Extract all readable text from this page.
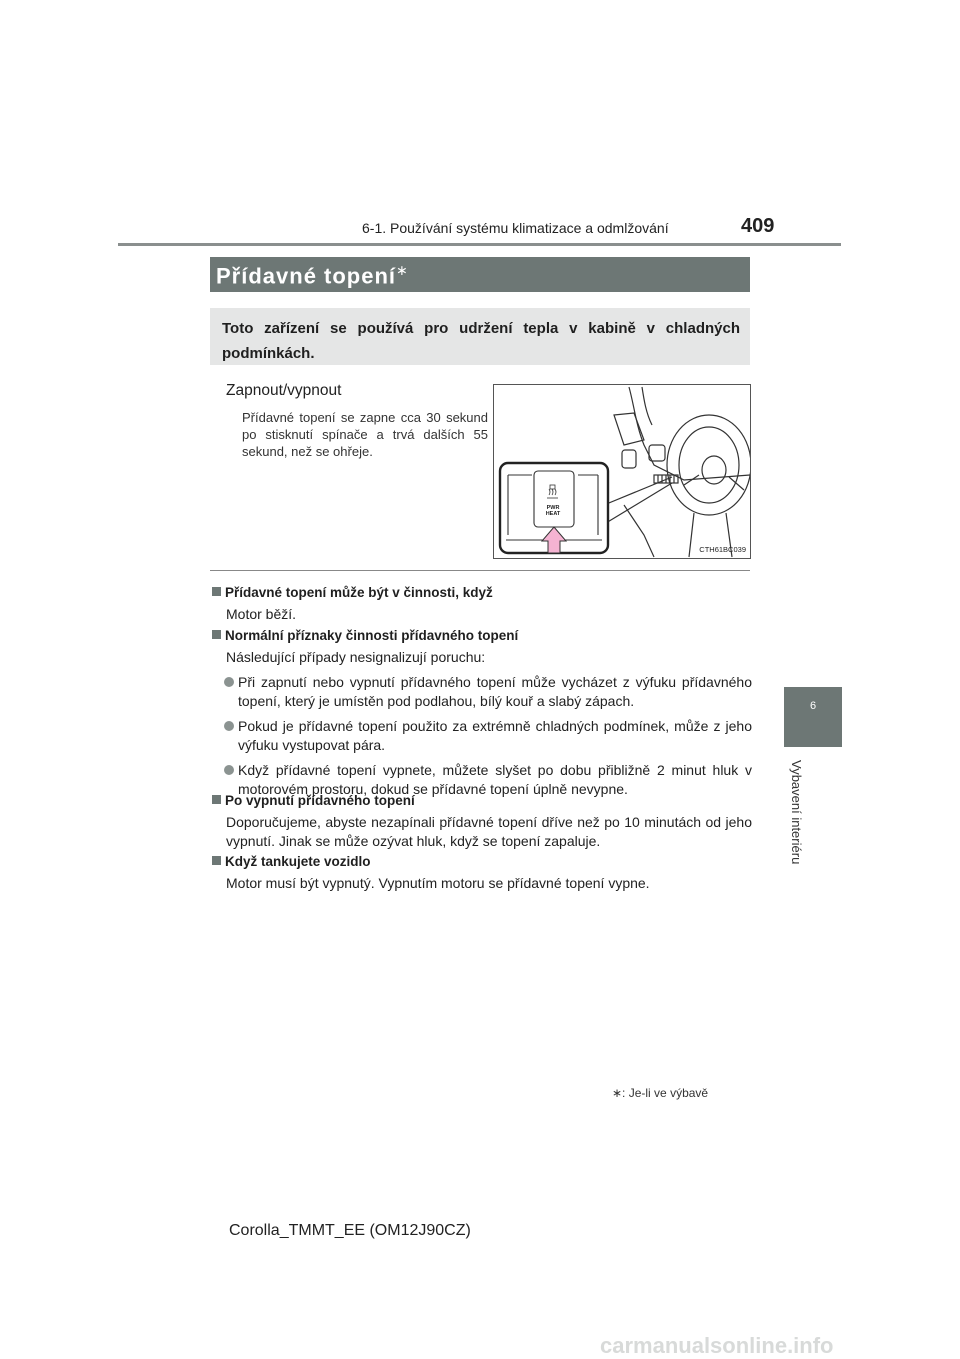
6-1. Používání systému klimatizace a odmlžování	409
6
Vybavení interiéru
Přídavné topení∗
Toto zařízení se používá pro udržení tepla v kabině v chladných podmínkách.
Zapnout/vypnout
Přídavné topení se zapne cca 30 sekund po stisknutí spínače a trvá dalších 55 sekund, než se ohřeje.
PWR
HEAT
CTH61BC039
Přídavné topení může být v činnosti, když
Motor běží.
Normální příznaky činnosti přídavného topení
Následující případy nesignalizují poruchu:
Při zapnutí nebo vypnutí přídavného topení může vycházet z výfuku přídavného topení, který je umístěn pod podlahou, bílý kouř a slabý zápach.
Pokud je přídavné topení použito za extrémně chladných podmínek, může z jeho výfuku vystupovat pára.
Když přídavné topení vypnete, můžete slyšet po dobu přibližně 2 minut hluk v motorovém prostoru, dokud se přídavné topení úplně nevypne.
Po vypnutí přídavného topení
Doporučujeme, abyste nezapínali přídavné topení dříve než po 10 minutách od jeho vypnutí. Jinak se může ozývat hluk, když se topení zapaluje.
Když tankujete vozidlo
Motor musí být vypnutý. Vypnutím motoru se přídavné topení vypne.
∗: Je-li ve výbavě
Corolla_TMMT_EE (OM12J90CZ)
carmanualsonline.info
